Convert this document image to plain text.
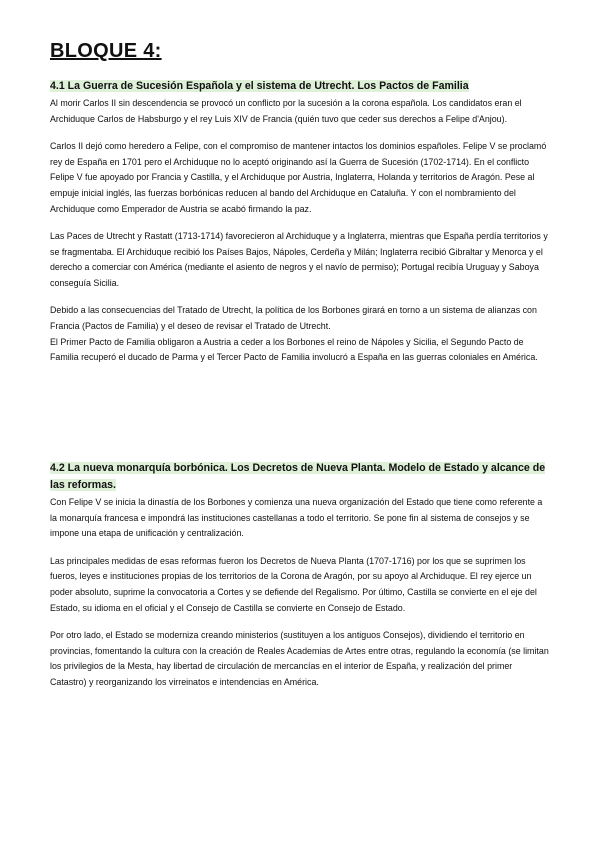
BLOQUE 4:

4.1 La Guerra de Sucesión Española y el sistema de Utrecht. Los Pactos de Familia

Al morir Carlos II sin descendencia se provocó un conflicto por la sucesión a la corona española. Los candidatos eran el Archiduque Carlos de Habsburgo y el rey Luis XIV de Francia (quién tuvo que ceder sus derechos a Felipe d'Anjou).

Carlos II dejó como heredero a Felipe, con el compromiso de mantener intactos los dominios españoles. Felipe V se proclamó rey de España en 1701 pero el Archiduque no lo aceptó originando así la Guerra de Sucesión (1702-1714). En el conflicto Felipe V fue apoyado por Francia y Castilla, y el Archiduque por Austria, Inglaterra, Holanda y territorios de Aragón. Pese al empuje inicial inglés, las fuerzas borbónicas reducen al bando del Archiduque en Cataluña. Y con el nombramiento del Archiduque como Emperador de Austria se acabó firmando la paz.

Las Paces de Utrecht y Rastatt (1713-1714) favorecieron al Archiduque y a Inglaterra, mientras que España perdía territorios y se fragmentaba. El Archiduque recibió los Países Bajos, Nápoles, Cerdeña y Milán; Inglaterra recibió Gibraltar y Menorca y el derecho a comerciar con América (mediante el asiento de negros y el navío de permiso); Portugal recibía Uruguay y Saboya conseguía Sicilia.

Debido a las consecuencias del Tratado de Utrecht, la política de los Borbones girará en torno a un sistema de alianzas con Francia (Pactos de Familia) y el deseo de revisar el Tratado de Utrecht.

El Primer Pacto de Familia obligaron a Austria a ceder a los Borbones el reino de Nápoles y Sicilia, el Segundo Pacto de Familia recuperó el ducado de Parma y el Tercer Pacto de Familia involucró a España en las guerras coloniales en América.

4.2 La nueva monarquía borbónica. Los Decretos de Nueva Planta. Modelo de Estado y alcance de las reformas.

Con Felipe V se inicia la dinastía de los Borbones y comienza una nueva organización del Estado que tiene como referente a la monarquía francesa e impondrá las instituciones castellanas a todo el territorio. Se pone fin al sistema de consejos y se impone una etapa de unificación y centralización.

Las principales medidas de esas reformas fueron los Decretos de Nueva Planta (1707-1716) por los que se suprimen los fueros, leyes e instituciones propias de los territorios de la Corona de Aragón, por su apoyo al Archiduque. El rey ejerce un poder absoluto, suprime la convocatoria a Cortes y se defiende del Regalismo. Por último, Castilla se convierte en el eje del Estado, su idioma en el oficial y el Consejo de Castilla se convierte en Consejo de Estado.

Por otro lado, el Estado se moderniza creando ministerios (sustituyen a los antiguos Consejos), dividiendo el territorio en provincias, fomentando la cultura con la creación de Reales Academias de Artes entre otras, regulando la economía (se limitan los privilegios de la Mesta, hay libertad de circulación de mercancías en el interior de España, y realización del primer Catastro) y reorganizando los virreinatos e intendencias en América.
